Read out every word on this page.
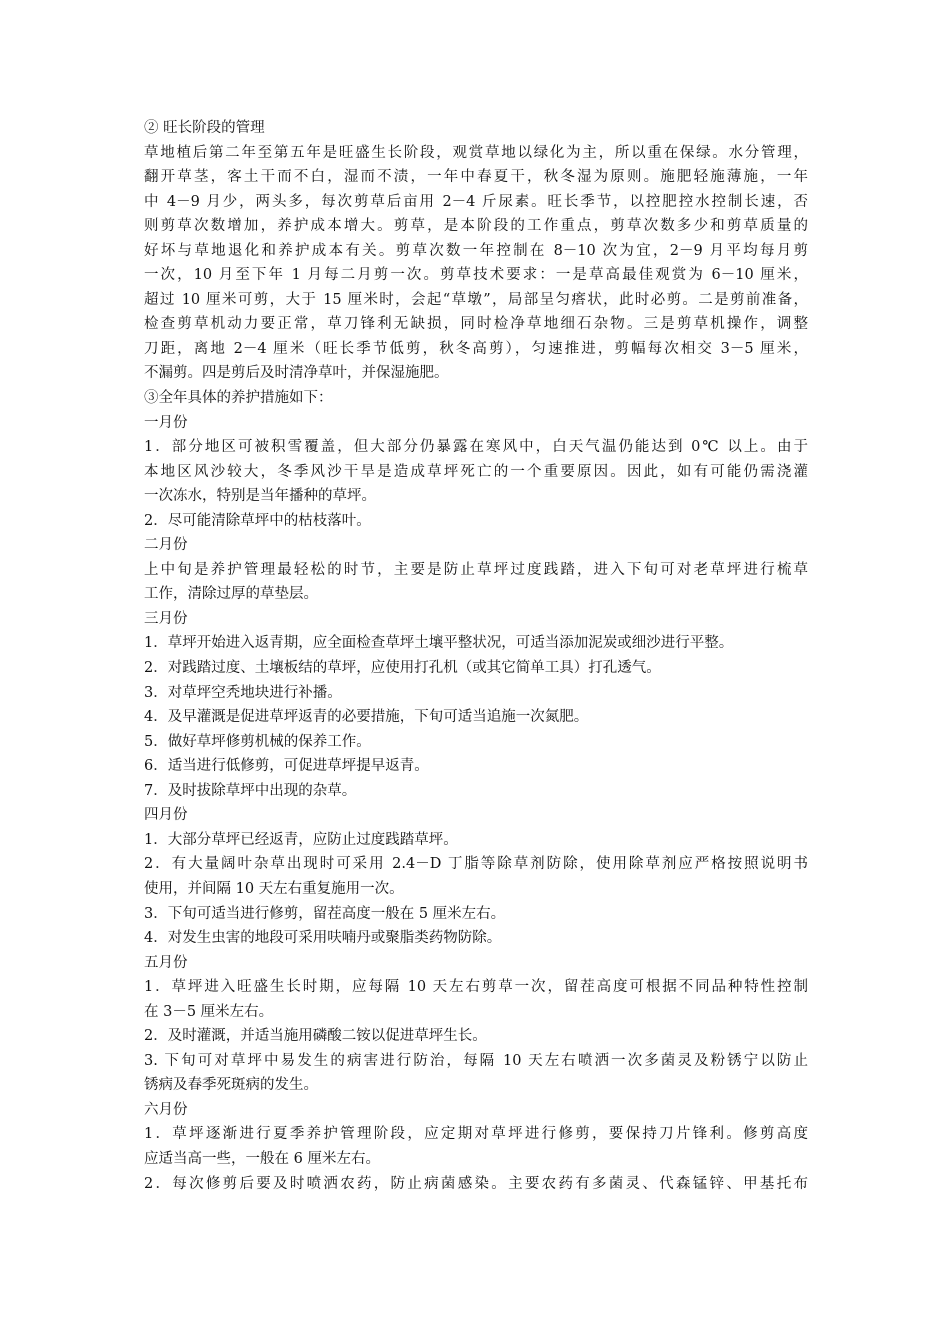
② 旺长阶段的管理
草地植后第二年至第五年是旺盛生长阶段，观赏草地以绿化为主，所以重在保绿。水分管理，
翻开草茎，客土干而不白，湿而不渍，一年中春夏干，秋冬湿为原则。施肥轻施薄施，一年
中 4－9 月少，两头多，每次剪草后亩用 2－4 斤尿素。旺长季节，以控肥控水控制长速，否
则剪草次数增加，养护成本增大。剪草，是本阶段的工作重点，剪草次数多少和剪草质量的
好坏与草地退化和养护成本有关。剪草次数一年控制在 8－10 次为宜，2－9 月平均每月剪
一次，10 月至下年 1 月每二月剪一次。剪草技术要求：一是草高最佳观赏为 6－10 厘米，
超过 10 厘米可剪，大于 15 厘米时，会起“草墩”，局部呈匀瘩状，此时必剪。二是剪前准备，
检查剪草机动力要正常，草刀锋利无缺损，同时检净草地细石杂物。三是剪草机操作，调整
刀距，离地 2－4 厘米（旺长季节低剪，秋冬高剪），匀速推进，剪幅每次相交 3－5 厘米，
不漏剪。四是剪后及时清净草叶，并保湿施肥。
③全年具体的养护措施如下：
一月份
1．部分地区可被积雪覆盖，但大部分仍暴露在寒风中，白天气温仍能达到 0℃ 以上。由于
本地区风沙较大，冬季风沙干旱是造成草坪死亡的一个重要原因。因此，如有可能仍需浇灌
一次冻水，特别是当年播种的草坪。
2．尽可能清除草坪中的枯枝落叶。
二月份
上中旬是养护管理最轻松的时节，主要是防止草坪过度践踏，进入下旬可对老草坪进行梳草
工作，清除过厚的草垫层。
三月份
1．草坪开始进入返青期，应全面检查草坪土壤平整状况，可适当添加泥炭或细沙进行平整。
2．对践踏过度、土壤板结的草坪，应使用打孔机（或其它简单工具）打孔透气。
3．对草坪空秃地块进行补播。
4．及早灌溉是促进草坪返青的必要措施，下旬可适当追施一次氮肥。
5．做好草坪修剪机械的保养工作。
6．适当进行低修剪，可促进草坪提早返青。
7．及时拔除草坪中出现的杂草。
四月份
1．大部分草坪已经返青，应防止过度践踏草坪。
2．有大量阔叶杂草出现时可采用 2.4－D 丁脂等除草剂防除，使用除草剂应严格按照说明书
使用，并间隔 10 天左右重复施用一次。
3．下旬可适当进行修剪，留茬高度一般在 5 厘米左右。
4．对发生虫害的地段可采用呋喃丹或聚脂类药物防除。
五月份
1．草坪进入旺盛生长时期，应每隔 10 天左右剪草一次，留茬高度可根据不同品种特性控制
在 3－5 厘米左右。
2．及时灌溉，并适当施用磷酸二铵以促进草坪生长。
3. 下旬可对草坪中易发生的病害进行防治，每隔 10 天左右喷洒一次多菌灵及粉锈宁以防止
锈病及春季死斑病的发生。
六月份
1．草坪逐渐进行夏季养护管理阶段，应定期对草坪进行修剪，要保持刀片锋利。修剪高度
应适当高一些，一般在 6 厘米左右。
2．每次修剪后要及时喷洒农药，防止病菌感染。主要农药有多菌灵、代森锰锌、甲基托布
